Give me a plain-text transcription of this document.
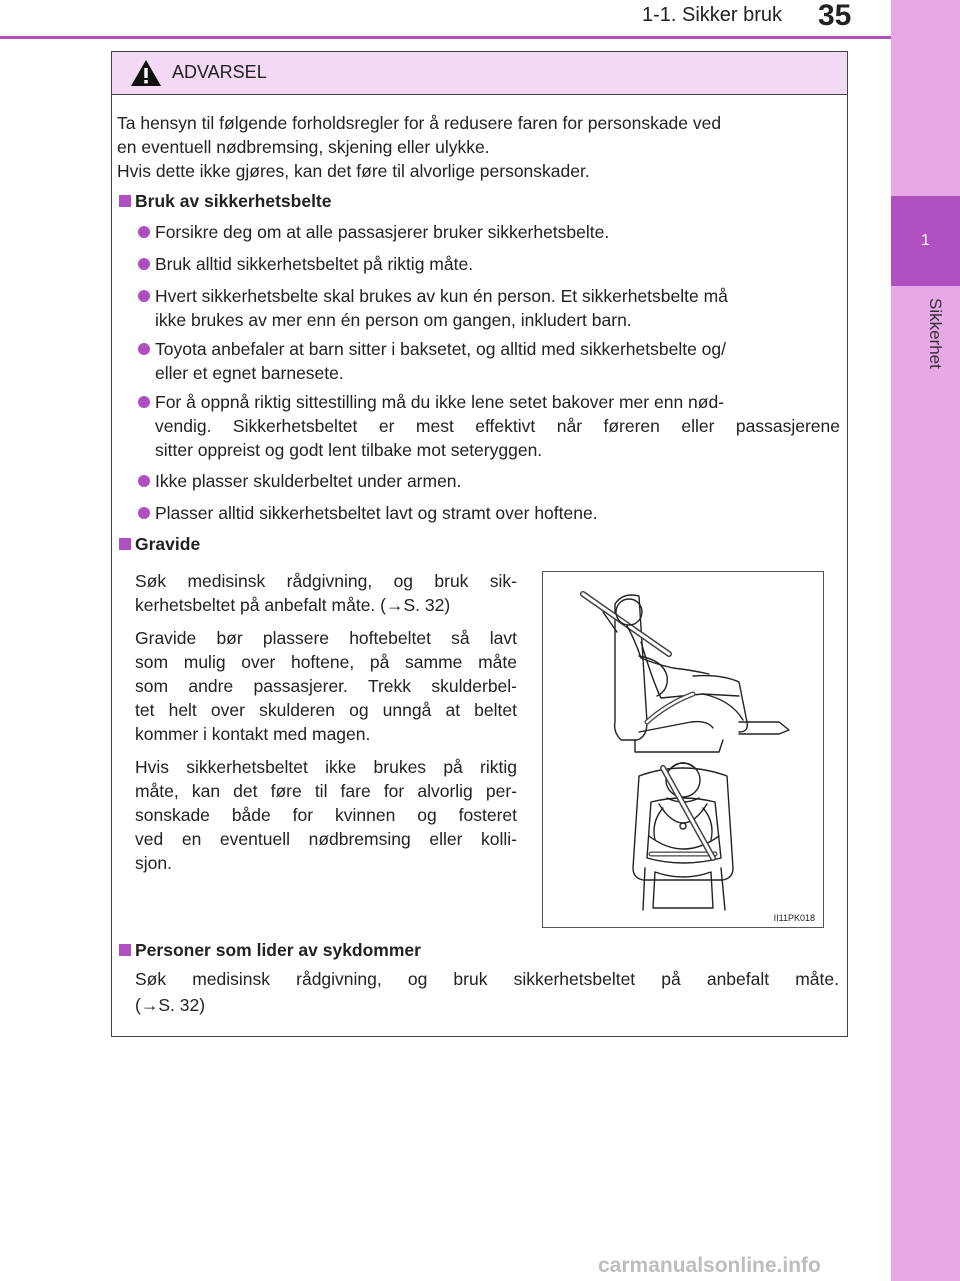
1-1. Sikker bruk 35
1
Sikkerhet
ADVARSEL
Ta hensyn til følgende forholdsregler for å redusere faren for personskade ved
en eventuell nødbremsing, skjening eller ulykke.
Hvis dette ikke gjøres, kan det føre til alvorlige personskader.
Bruk av sikkerhetsbelte
Forsikre deg om at alle passasjerer bruker sikkerhetsbelte.
Bruk alltid sikkerhetsbeltet på riktig måte.
Hvert sikkerhetsbelte skal brukes av kun én person. Et sikkerhetsbelte må
ikke brukes av mer enn én person om gangen, inkludert barn.
Toyota anbefaler at barn sitter i baksetet, og alltid med sikkerhetsbelte og/
eller et egnet barnesete.
For å oppnå riktig sittestilling må du ikke lene setet bakover mer enn nød-
vendig. Sikkerhetsbeltet er mest effektivt når føreren eller passasjerene
sitter oppreist og godt lent tilbake mot seteryggen.
Ikke plasser skulderbeltet under armen.
Plasser alltid sikkerhetsbeltet lavt og stramt over hoftene.
Gravide
Søk medisinsk rådgivning, og bruk sik-
kerhetsbeltet på anbefalt måte. (→S. 32)
Gravide bør plassere hoftebeltet så lavt
som mulig over hoftene, på samme måte
som andre passasjerer. Trekk skulderbel-
tet helt over skulderen og unngå at beltet
kommer i kontakt med magen.
Hvis sikkerhetsbeltet ikke brukes på riktig
måte, kan det føre til fare for alvorlig per-
sonskade både for kvinnen og fosteret
ved en eventuell nødbremsing eller kolli-
sjon.
II11PK018
Personer som lider av sykdommer
Søk medisinsk rådgivning, og bruk sikkerhetsbeltet på anbefalt måte.
(→S. 32)
carmanualsonline.info
